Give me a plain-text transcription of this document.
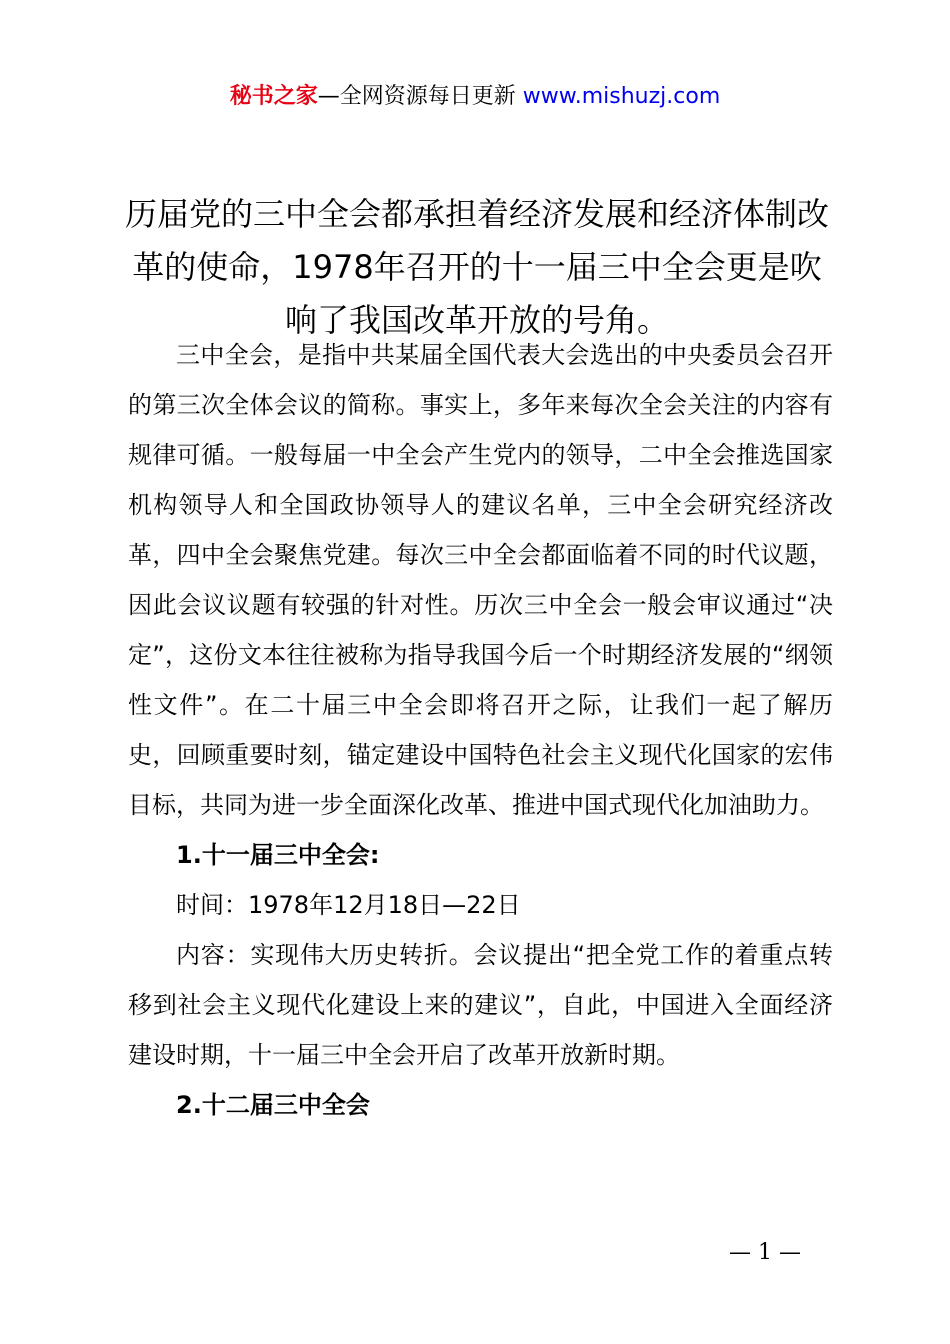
秘书之家—全网资源每日更新 www.mishuzj.com
历届党的三中全会都承担着经济发展和经济体制改革的使命，1978年召开的十一届三中全会更是吹响了我国改革开放的号角。

三中全会，是指中共某届全国代表大会选出的中央委员会召开的第三次全体会议的简称。事实上，多年来每次全会关注的内容有规律可循。一般每届一中全会产生党内的领导，二中全会推选国家机构领导人和全国政协领导人的建议名单，三中全会研究经济改革，四中全会聚焦党建。每次三中全会都面临着不同的时代议题，因此会议议题有较强的针对性。历次三中全会一般会审议通过“决定”，这份文本往往被称为指导我国今后一个时期经济发展的“纲领性文件”。在二十届三中全会即将召开之际，让我们一起了解历史，回顾重要时刻，锚定建设中国特色社会主义现代化国家的宏伟目标，共同为进一步全面深化改革、推进中国式现代化加油助力。

1.十一届三中全会:

时间：1978年12月18日—22日

内容：实现伟大历史转折。会议提出“把全党工作的着重点转移到社会主义现代化建设上来的建议”，自此，中国进入全面经济建设时期，十一届三中全会开启了改革开放新时期。

2.十二届三中全会

— 1 —
